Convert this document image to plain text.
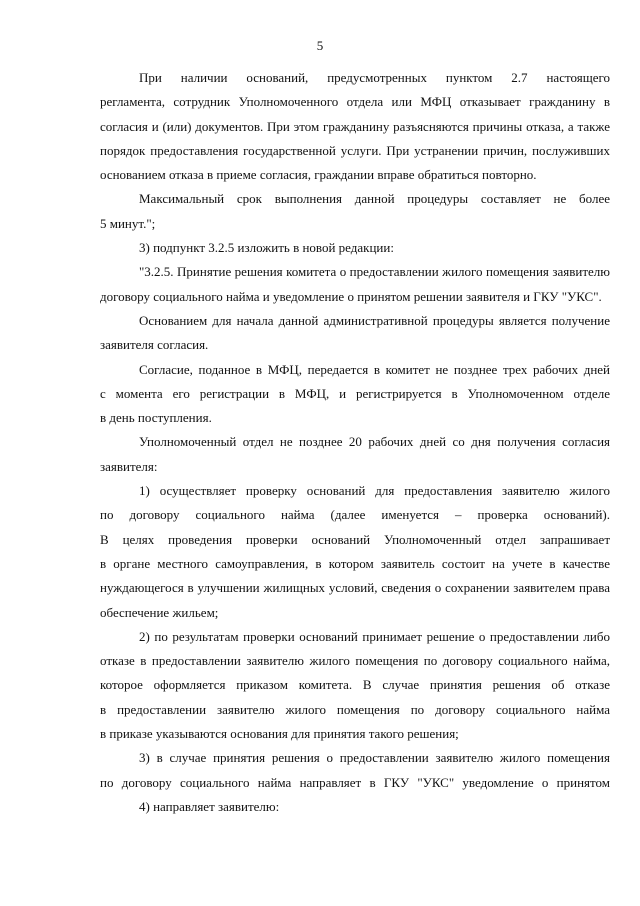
5
При наличии оснований, предусмотренных пунктом 2.7 настоящего
регламента, сотрудник Уполномоченного отдела или МФЦ отказывает гражданину в
согласия и (или) документов. При этом гражданину разъясняются причины отказа, а также
порядок предоставления государственной услуги. При устранении причин, послуживших
основанием отказа в приеме согласия, граждании вправе обратиться повторно.
Максимальный срок выполнения данной процедуры составляет не более
5 минут.";
3) подпункт 3.2.5 изложить в новой редакции:
"3.2.5. Принятие решения комитета о предоставлении жилого помещения заявителю
договору социального найма и уведомление о принятом решении заявителя и ГКУ "УКС".
Основанием для начала данной административной процедуры является получение
заявителя согласия.
Согласие, поданное в МФЦ, передается в комитет не позднее трех рабочих дней
с момента его регистрации в МФЦ, и регистрируется в Уполномоченном отделе
в день поступления.
Уполномоченный отдел не позднее 20 рабочих дней со дня получения согласия
заявителя:
1) осуществляет проверку оснований для предоставления заявителю жилого
по договору социального найма (далее именуется – проверка оснований).
В целях проведения проверки оснований Уполномоченный отдел запрашивает
в органе местного самоуправления, в котором заявитель состоит на учете в качестве
нуждающегося в улучшении жилищных условий, сведения о сохранении заявителем права
обеспечение жильем;
2) по результатам проверки оснований принимает решение о предоставлении либо
отказе в предоставлении заявителю жилого помещения по договору социального найма,
которое оформляется приказом комитета. В случае принятия решения об отказе
в предоставлении заявителю жилого помещения по договору социального найма
в приказе указываются основания для принятия такого решения;
3) в случае принятия решения о предоставлении заявителю жилого помещения
по договору социального найма направляет в ГКУ "УКС" уведомление о принятом
4) направляет заявителю:
